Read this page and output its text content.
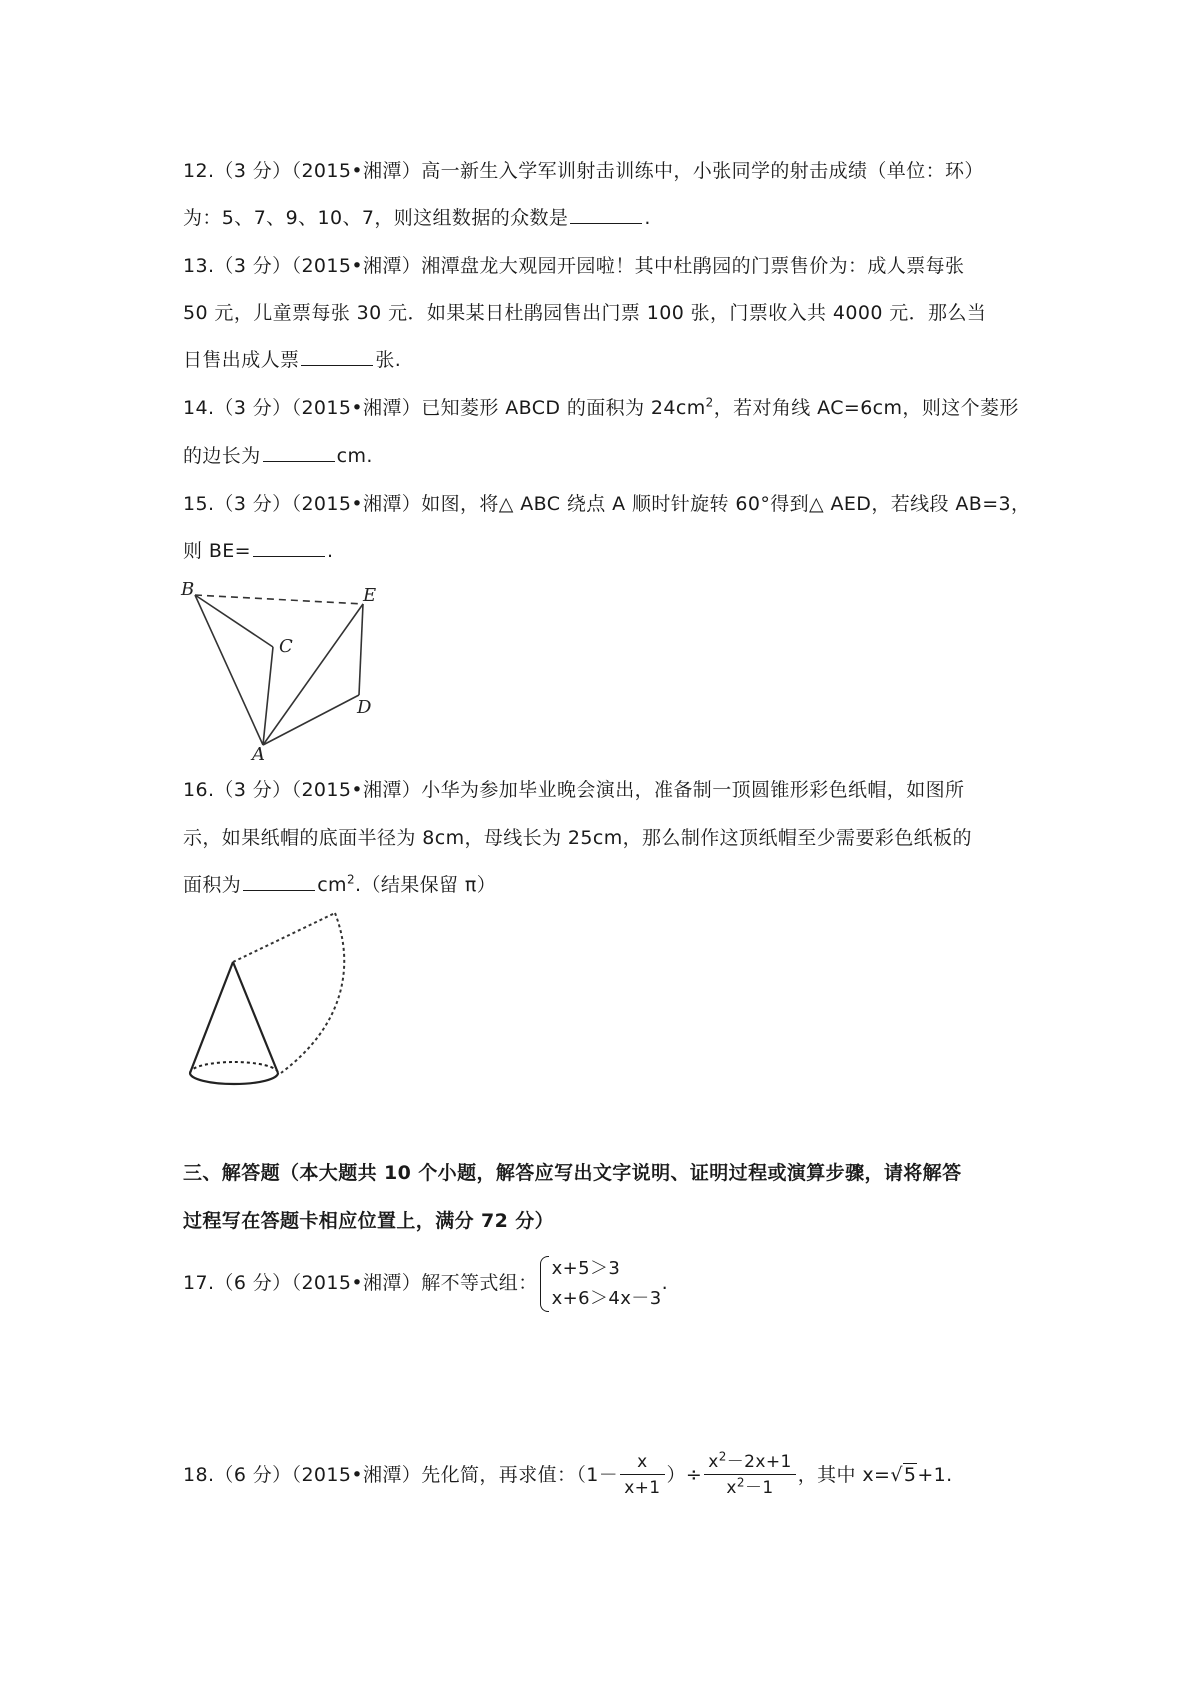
12.（3 分）（2015•湘潭）高一新生入学军训射击训练中，小张同学的射击成绩（单位：环）
为：5、7、9、10、7，则这组数据的众数是	.
13.（3 分）（2015•湘潭）湘潭盘龙大观园开园啦！其中杜鹃园的门票售价为：成人票每张
50 元，儿童票每张 30 元．如果某日杜鹃园售出门票 100 张，门票收入共 4000 元．那么当
日售出成人票	张.
14.（3 分）（2015•湘潭）已知菱形 ABCD 的面积为 $24cm^2$，若对角线 AC=6cm，则这个菱形
的边长为	cm.
15.（3 分）（2015•湘潭）如图，将△ ABC 绕点 A 顺时针旋转 60°得到△ AED，若线段 AB=3，
则 BE=	.
B	E
C
D
A
16.（3 分）（2015•湘潭）小华为参加毕业晚会演出，准备制一顶圆锥形彩色纸帽，如图所
示，如果纸帽的底面半径为 8cm，母线长为 25cm，那么制作这顶纸帽至少需要彩色纸板的
面积为	$cm^2$.（结果保留 π）
三、解答题（本大题共 10 个小题，解答应写出文字说明、证明过程或演算步骤，请将解答
过程写在答题卡相应位置上，满分 72 分）
17.（6 分）（2015•湘潭）解不等式组：
x+5＞3
x+6＞4x－3
.
18.（6 分）（2015•湘潭）先化简，再求值：（$1- \frac{x}{x+1}$ ）÷ $\frac{x^2-2x+1}{x^2-1}$ ，其中 x=√5+1.
